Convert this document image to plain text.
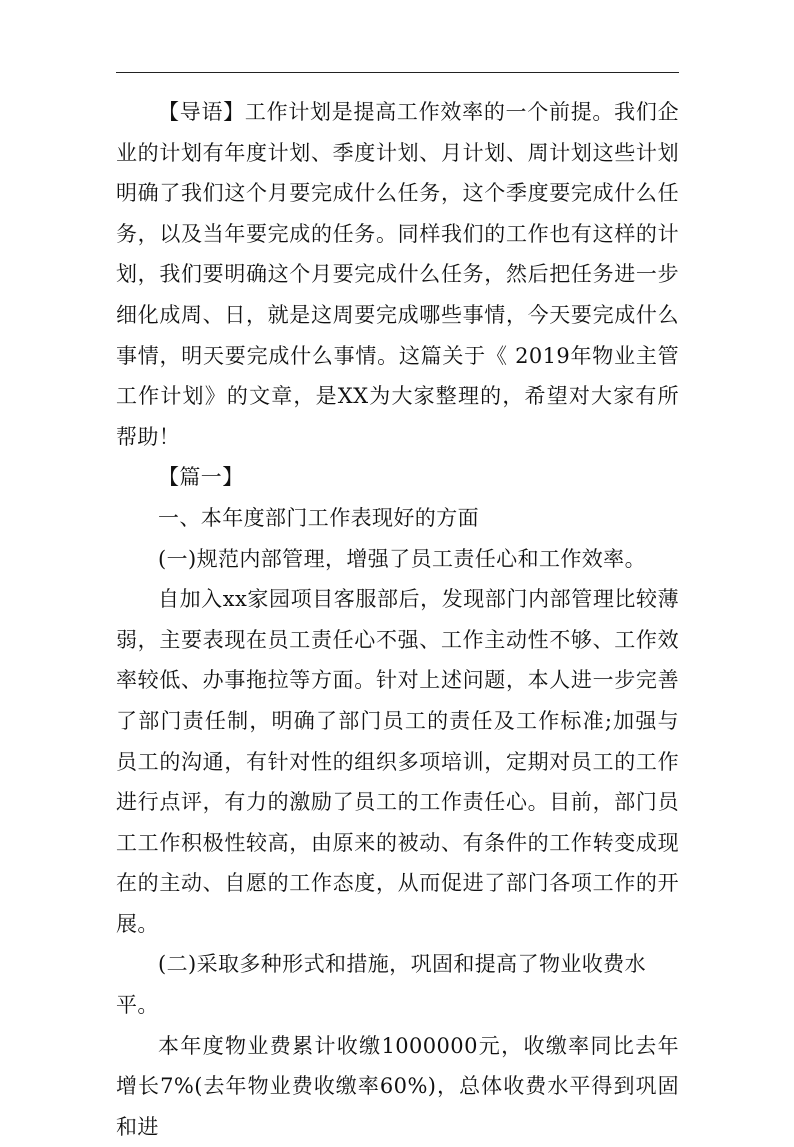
【导语】工作计划是提高工作效率的一个前提。我们企业的计划有年度计划、季度计划、月计划、周计划这些计划明确了我们这个月要完成什么任务，这个季度要完成什么任务，以及当年要完成的任务。同样我们的工作也有这样的计划，我们要明确这个月要完成什么任务，然后把任务进一步细化成周、日，就是这周要完成哪些事情，今天要完成什么事情，明天要完成什么事情。这篇关于《 2019年物业主管工作计划》的文章，是XX为大家整理的，希望对大家有所帮助！

【篇一】

一、本年度部门工作表现好的方面

(一)规范内部管理，增强了员工责任心和工作效率。

自加入xx家园项目客服部后，发现部门内部管理比较薄弱，主要表现在员工责任心不强、工作主动性不够、工作效率较低、办事拖拉等方面。针对上述问题，本人进一步完善了部门责任制，明确了部门员工的责任及工作标准;加强与员工的沟通，有针对性的组织多项培训，定期对员工的工作进行点评，有力的激励了员工的工作责任心。目前，部门员工工作积极性较高，由原来的被动、有条件的工作转变成现在的主动、自愿的工作态度，从而促进了部门各项工作的开展。

(二)采取多种形式和措施，巩固和提高了物业收费水平。

本年度物业费累计收缴1000000元，收缴率同比去年增长7%(去年物业费收缴率60%)，总体收费水平得到巩固和进
